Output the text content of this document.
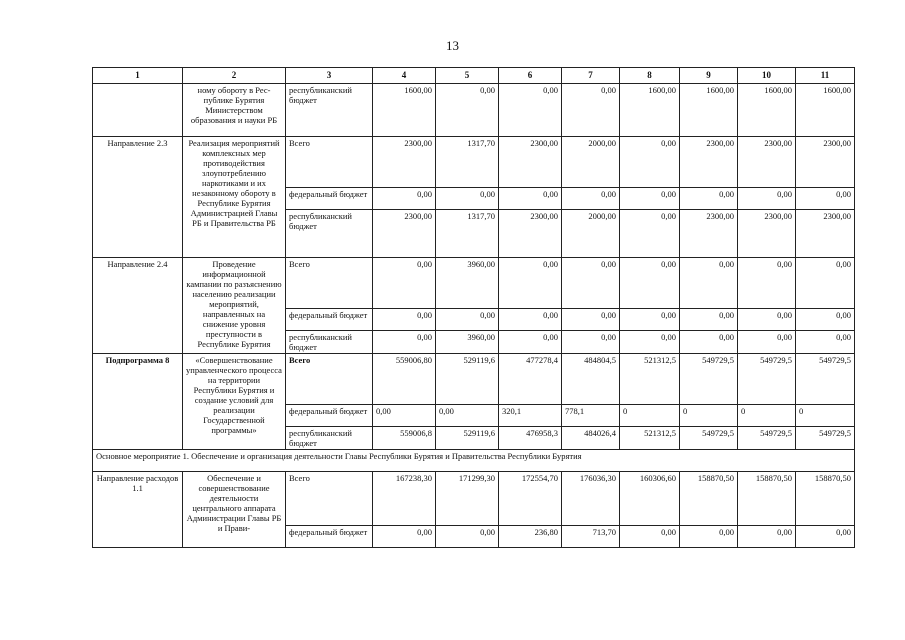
13
1	2	3	4	5	6	7	8	9	10	11
	ному обороту в Рес-публике Бурятия Министерством образования и науки РБ	республиканский бюджет	1600,00	0,00	0,00	0,00	1600,00	1600,00	1600,00	1600,00
Направление 2.3	Реализация мероприятий комплексных мер противодействия злоупотреблению наркотиками и их незаконному обороту в Республике Бурятия Администрацией Главы РБ и Правительства РБ	Всего	2300,00	1317,70	2300,00	2000,00	0,00	2300,00	2300,00	2300,00
		федеральный бюджет	0,00	0,00	0,00	0,00	0,00	0,00	0,00	0,00
		республиканский бюджет	2300,00	1317,70	2300,00	2000,00	0,00	2300,00	2300,00	2300,00
Направление 2.4	Проведение информационной кампании по разъяснению населению реализации мероприятий, направленных на снижение уровня преступности в Республике Бурятия	Всего	0,00	3960,00	0,00	0,00	0,00	0,00	0,00	0,00
		федеральный бюджет	0,00	0,00	0,00	0,00	0,00	0,00	0,00	0,00
		республиканский бюджет	0,00	3960,00	0,00	0,00	0,00	0,00	0,00	0,00
Подпрограмма 8	«Совершенствование управленческого процесса на территории Республики Бурятия и создание условий для реализации Государственной программы»	Всего	559006,80	529119,6	477278,4	484804,5	521312,5	549729,5	549729,5	549729,5
		федеральный бюджет	0,00	0,00	320,1	778,1	0	0	0	0
		республиканский бюджет	559006,8	529119,6	476958,3	484026,4	521312,5	549729,5	549729,5	549729,5
Основное мероприятие 1. Обеспечение и организация деятельности Главы Республики Бурятия и Правительства Республики Бурятия										
Направление расходов 1.1	Обеспечение и совершенствование деятельности центрального аппарата Администрации Главы РБ и Прави-	Всего	167238,30	171299,30	172554,70	176036,30	160306,60	158870,50	158870,50	158870,50
		федеральный бюджет	0,00	0,00	236,80	713,70	0,00	0,00	0,00	0,00
